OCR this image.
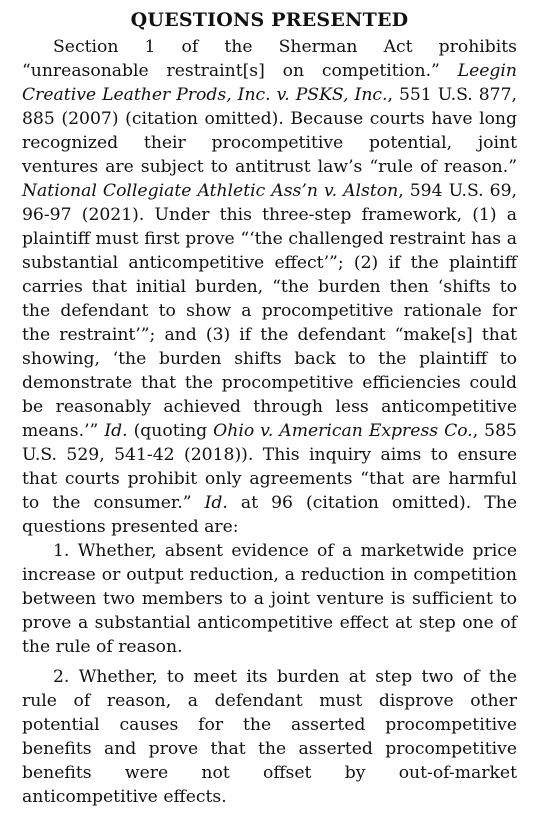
QUESTIONS PRESENTED

Section 1 of the Sherman Act prohibits “unreasonable restraint[s] on competition.” Leegin Creative Leather Prods, Inc. v. PSKS, Inc., 551 U.S. 877, 885 (2007) (citation omitted). Because courts have long recognized their procompetitive potential, joint ventures are subject to antitrust law’s “rule of reason.” National Collegiate Athletic Ass’n v. Alston, 594 U.S. 69, 96-97 (2021). Under this three-step framework, (1) a plaintiff must first prove “‘the challenged restraint has a substantial anticompetitive effect’”; (2) if the plaintiff carries that initial burden, “the burden then ‘shifts to the defendant to show a procompetitive rationale for the restraint’”; and (3) if the defendant “make[s] that showing, ‘the burden shifts back to the plaintiff to demonstrate that the procompetitive efficiencies could be reasonably achieved through less anticompetitive means.’” Id. (quoting Ohio v. American Express Co., 585 U.S. 529, 541-42 (2018)). This inquiry aims to ensure that courts prohibit only agreements “that are harmful to the consumer.” Id. at 96 (citation omitted). The questions presented are:

1. Whether, absent evidence of a marketwide price increase or output reduction, a reduction in competition between two members to a joint venture is sufficient to prove a substantial anticompetitive effect at step one of the rule of reason.

2. Whether, to meet its burden at step two of the rule of reason, a defendant must disprove other potential causes for the asserted procompetitive benefits and prove that the asserted procompetitive benefits were not offset by out-of-market anticompetitive effects.
